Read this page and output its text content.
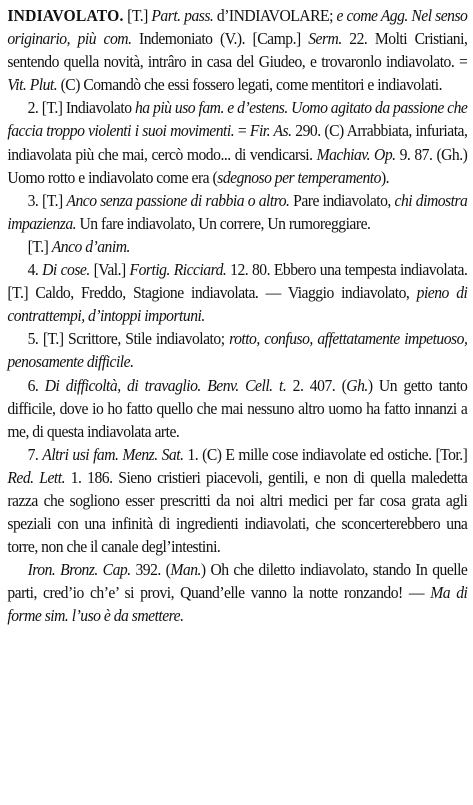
INDIAVOLATO. [T.] Part. pass. d’INDIAVOLARE; e come Agg. Nel senso originario, più com. Indemoniato (V.). [Camp.] Serm. 22. Molti Cristiani, sentendo quella novità, intrâro in casa del Giudeo, e trovaronlo indiavolato. = Vit. Plut. (C) Comandò che essi fossero legati, come mentitori e indiavolati.

2. [T.] Indiavolato ha più uso fam. e d’estens. Uomo agitato da passione che faccia troppo violenti i suoi movimenti. = Fir. As. 290. (C) Arrabbiata, infuriata, indiavolata più che mai, cercò modo... di vendicarsi. Machiav. Op. 9. 87. (Gh.) Uomo rotto e indiavolato come era (sdegnoso per temperamento).

3. [T.] Anco senza passione di rabbia o altro. Pare indiavolato, chi dimostra impazienza. Un fare indiavolato, Un correre, Un rumoreggiare.

[T.] Anco d’anim.

4. Di cose. [Val.] Fortig. Ricciard. 12. 80. Ebbero una tempesta indiavolata. [T.] Caldo, Freddo, Stagione indiavolata. — Viaggio indiavolato, pieno di contrattempi, d’intoppi importuni.

5. [T.] Scrittore, Stile indiavolato; rotto, confuso, affettatamente impetuoso, penosamente difficile.

6. Di difficoltà, di travaglio. Benv. Cell. t. 2. 407. (Gh.) Un getto tanto difficile, dove io ho fatto quello che mai nessuno altro uomo ha fatto innanzi a me, di questa indiavolata arte.

7. Altri usi fam. Menz. Sat. 1. (C) E mille cose indiavolate ed ostiche. [Tor.] Red. Lett. 1. 186. Sieno cristieri piacevoli, gentili, e non di quella maledetta razza che sogliono esser prescritti da noi altri medici per far cosa grata agli speziali con una infinità di ingredienti indiavolati, che sconcerterebbero una torre, non che il canale degl’intestini.

Iron. Bronz. Cap. 392. (Man.) Oh che diletto indiavolato, stando In quelle parti, cred’io ch’e’ si provi, Quand’elle vanno la notte ronzando! — Ma di forme sim. l’uso è da smettere.
